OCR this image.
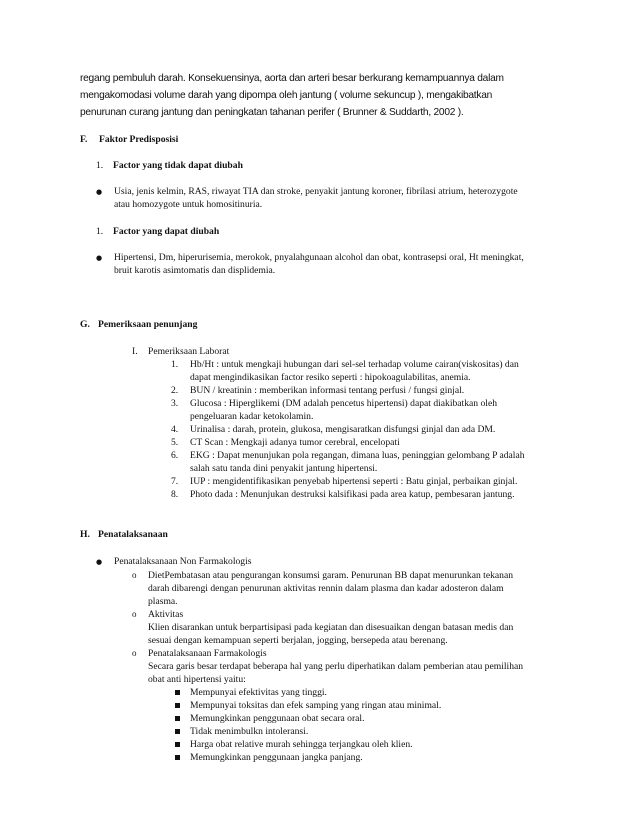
regang pembuluh darah. Konsekuensinya, aorta dan arteri besar berkurang kemampuannya dalam
mengakomodasi volume darah yang dipompa oleh jantung ( volume sekuncup ), mengakibatkan
penurunan curang jantung dan peningkatan tahanan perifer ( Brunner & Suddarth, 2002 ).
F. Faktor Predisposisi
1. Factor yang tidak dapat diubah
● Usia, jenis kelmin, RAS, riwayat TIA dan stroke, penyakit jantung koroner, fibrilasi atrium, heterozygote
atau homozygote untuk homositinuria.
1. Factor yang dapat diubah
● Hipertensi, Dm, hiperurisemia, merokok, pnyalahgunaan alcohol dan obat, kontrasepsi oral, Ht meningkat,
bruit karotis asimtomatis dan displidemia.
G. Pemeriksaan penunjang
I. Pemeriksaan Laborat
1. Hb/Ht : untuk mengkaji hubungan dari sel-sel terhadap volume cairan(viskositas) dan
dapat mengindikasikan factor resiko seperti : hipokoagulabilitas, anemia.
2. BUN / kreatinin : memberikan informasi tentang perfusi / fungsi ginjal.
3. Glucosa : Hiperglikemi (DM adalah pencetus hipertensi) dapat diakibatkan oleh
pengeluaran kadar ketokolamin.
4. Urinalisa : darah, protein, glukosa, mengisaratkan disfungsi ginjal dan ada DM.
5. CT Scan : Mengkaji adanya tumor cerebral, encelopati
6. EKG : Dapat menunjukan pola regangan, dimana luas, peninggian gelombang P adalah
salah satu tanda dini penyakit jantung hipertensi.
7. IUP : mengidentifikasikan penyebab hipertensi seperti : Batu ginjal, perbaikan ginjal.
8. Photo dada : Menunjukan destruksi kalsifikasi pada area katup, pembesaran jantung.
H. Penatalaksanaan
● Penatalaksanaan Non Farmakologis
o DietPembatasan atau pengurangan konsumsi garam. Penurunan BB dapat menurunkan tekanan
darah dibarengi dengan penurunan aktivitas rennin dalam plasma dan kadar adosteron dalam
plasma.
o Aktivitas
Klien disarankan untuk berpartisipasi pada kegiatan dan disesuaikan dengan batasan medis dan
sesuai dengan kemampuan seperti berjalan, jogging, bersepeda atau berenang.
o Penatalaksanaan Farmakologis
Secara garis besar terdapat beberapa hal yang perlu diperhatikan dalam pemberian atau pemilihan
obat anti hipertensi yaitu:
Mempunyai efektivitas yang tinggi.
Mempunyai toksitas dan efek samping yang ringan atau minimal.
Memungkinkan penggunaan obat secara oral.
Tidak menimbulkn intoleransi.
Harga obat relative murah sehingga terjangkau oleh klien.
Memungkinkan penggunaan jangka panjang.
